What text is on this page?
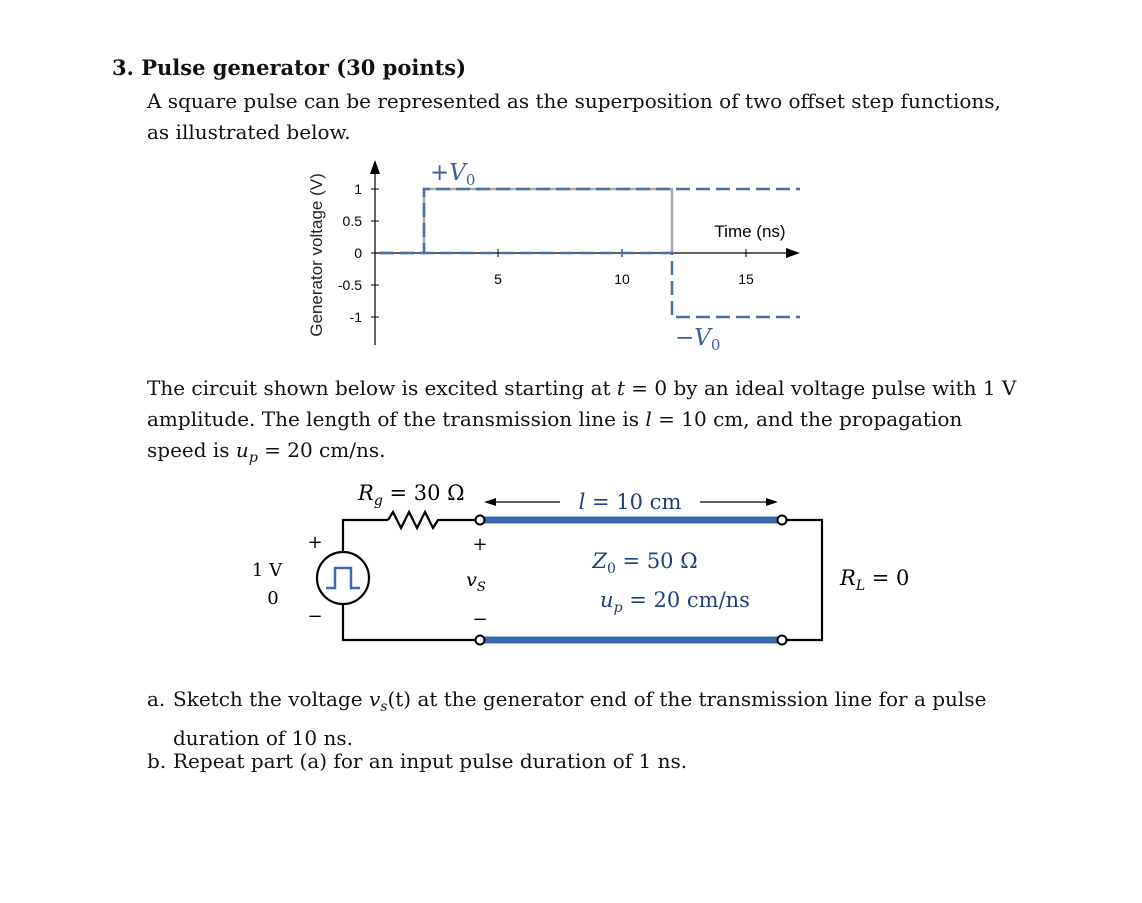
3. Pulse generator (30 points)

A square pulse can be represented as the superposition of two offset step functions, as illustrated below.

Generator voltage (V) 1
0.5
0
-0.5
-1
5	10	15
Time (ns)
$+V_0$
$-V_0$

The circuit shown below is excited starting at t = 0 by an ideal voltage pulse with 1 V amplitude. The length of the transmission line is l = 10 cm, and the propagation speed is $u_p = 20$ cm/ns.

$R_g = 30$ Ω
+
−
1 V
0
+
$v_S$
−
l = 10 cm
$Z_0 = 50$ Ω
$u_p = 20$ cm/ns
$R_L = 0$
a. Sketch the voltage $v_s(t)$ at the generator end of the transmission line for a pulse duration of 10 ns.
b. Repeat part (a) for an input pulse duration of 1 ns.
